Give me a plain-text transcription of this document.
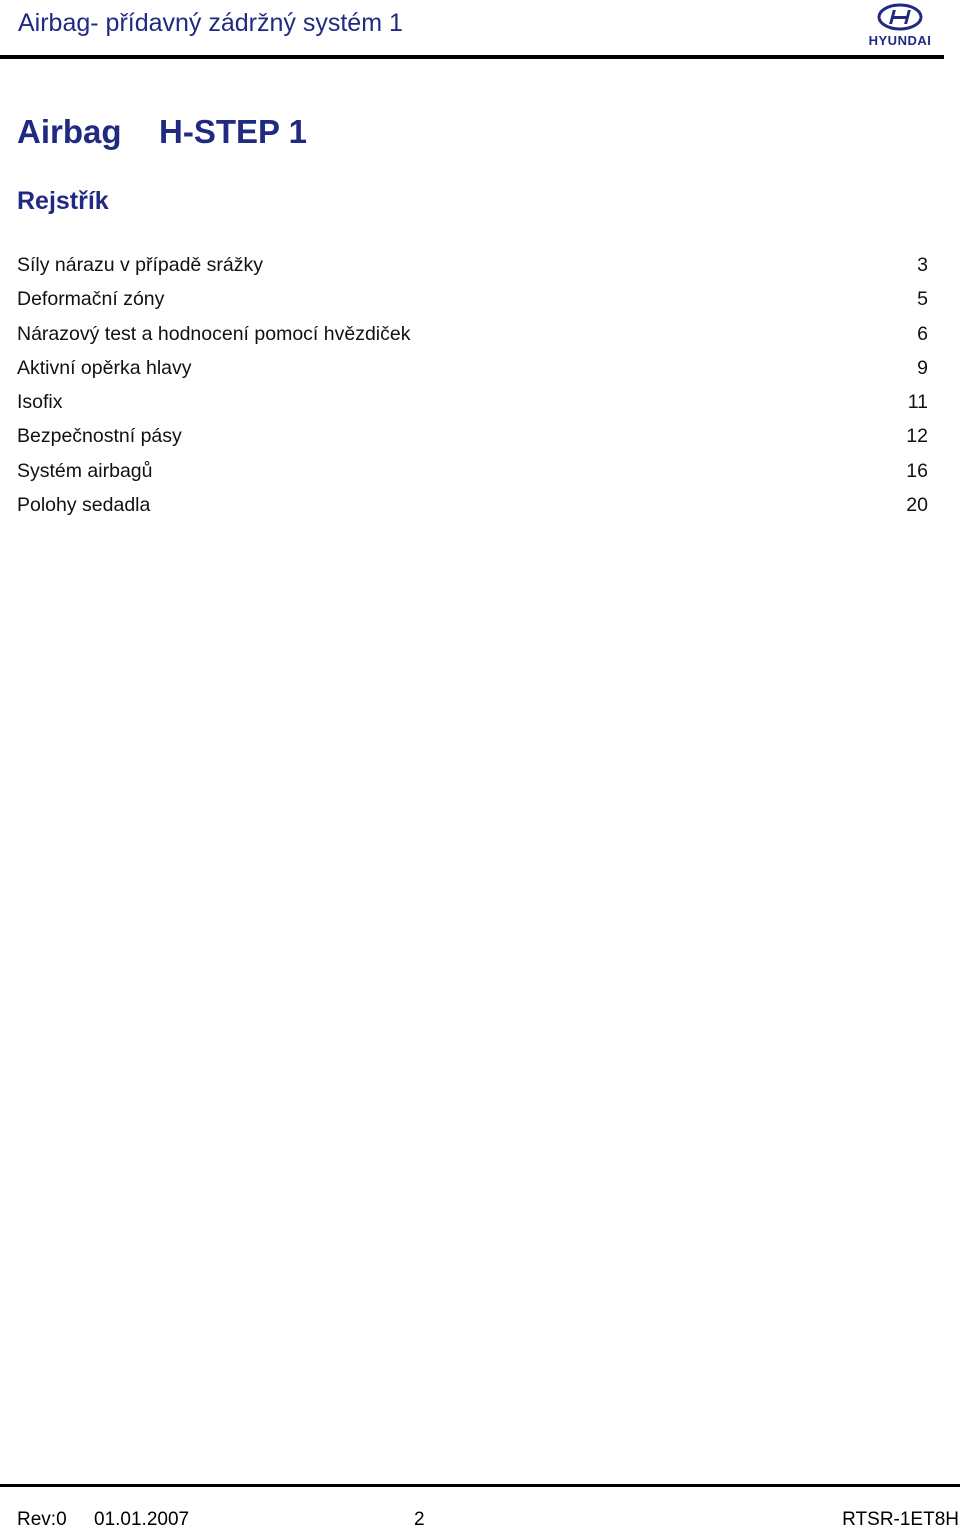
Airbag- přídavný zádržný systém 1
HYUNDAI
Airbag H-STEP 1
Rejstřík
Síly nárazu v případě srážky	3
Deformační zóny	5
Nárazový test a hodnocení pomocí hvězdiček	6
Aktivní opěrka hlavy	9
Isofix	11
Bezpečnostní pásy	12
Systém airbagů	16
Polohy sedadla	20
Rev:0 01.01.2007	2	RTSR-1ET8H
